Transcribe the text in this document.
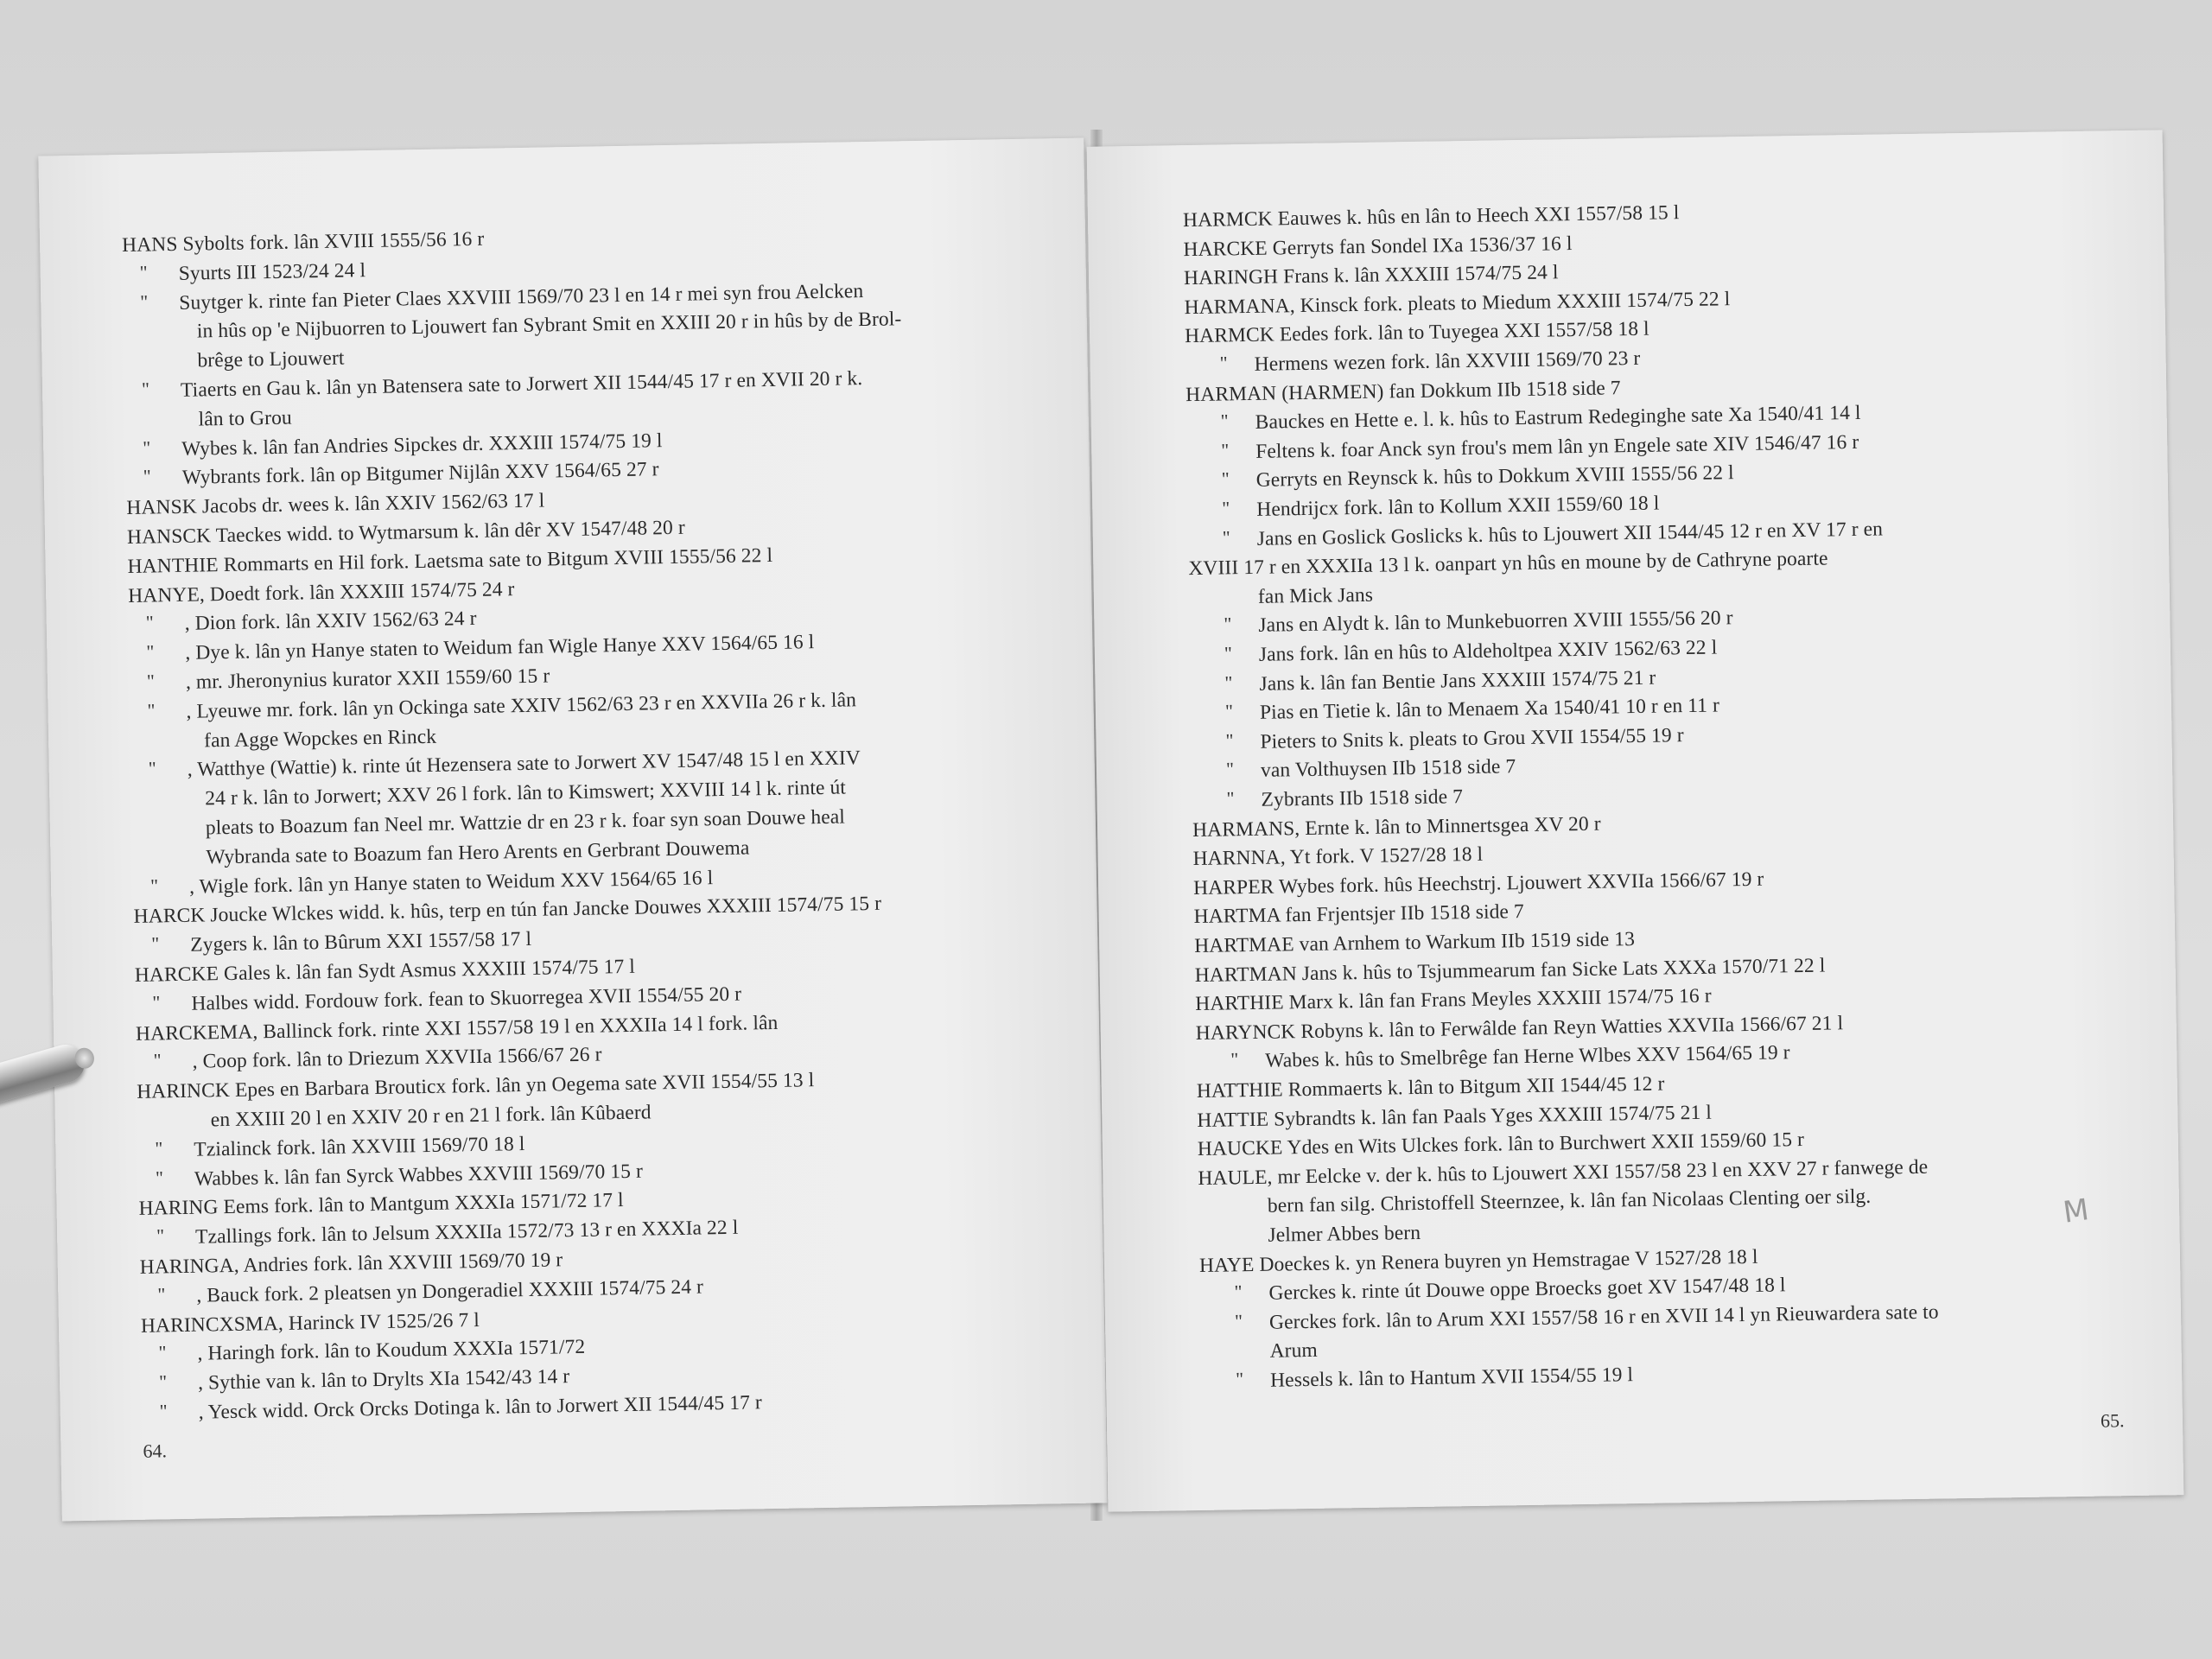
HANS Sybolts fork. lân XVIII 1555/56 16 r
" Syurts III 1523/24 24 l
" Suytger k. rinte fan Pieter Claes XXVIII 1569/70 23 l en 14 r mei syn frou Aelcken
in hûs op 'e Nijbuorren to Ljouwert fan Sybrant Smit en XXIII 20 r in hûs by de Brol-
brêge to Ljouwert
" Tiaerts en Gau k. lân yn Batensera sate to Jorwert XII 1544/45 17 r en XVII 20 r k.
lân to Grou
" Wybes k. lân fan Andries Sipckes dr. XXXIII 1574/75 19 l
" Wybrants fork. lân op Bitgumer Nijlân XXV 1564/65 27 r
HANSK Jacobs dr. wees k. lân XXIV 1562/63 17 l
HANSCK Taeckes widd. to Wytmarsum k. lân dêr XV 1547/48 20 r
HANTHIE Rommarts en Hil fork. Laetsma sate to Bitgum XVIII 1555/56 22 l
HANYE, Doedt fork. lân XXXIII 1574/75 24 r
" , Dion fork. lân XXIV 1562/63 24 r
" , Dye k. lân yn Hanye staten to Weidum fan Wigle Hanye XXV 1564/65 16 l
" , mr. Jheronynius kurator XXII 1559/60 15 r
" , Lyeuwe mr. fork. lân yn Ockinga sate XXIV 1562/63 23 r en XXVIIa 26 r k. lân
fan Agge Wopckes en Rinck
" , Watthye (Wattie) k. rinte út Hezensera sate to Jorwert XV 1547/48 15 l en XXIV
24 r k. lân to Jorwert; XXV 26 l fork. lân to Kimswert; XXVIII 14 l k. rinte út
pleats to Boazum fan Neel mr. Wattzie dr en 23 r k. foar syn soan Douwe heal
Wybranda sate to Boazum fan Hero Arents en Gerbrant Douwema
" , Wigle fork. lân yn Hanye staten to Weidum XXV 1564/65 16 l
HARCK Joucke Wlckes widd. k. hûs, terp en tún fan Jancke Douwes XXXIII 1574/75 15 r
" Zygers k. lân to Bûrum XXI 1557/58 17 l
HARCKE Gales k. lân fan Sydt Asmus XXXIII 1574/75 17 l
" Halbes widd. Fordouw fork. fean to Skuorregea XVII 1554/55 20 r
HARCKEMA, Ballinck fork. rinte XXI 1557/58 19 l en XXXIIa 14 l fork. lân
" , Coop fork. lân to Driezum XXVIIa 1566/67 26 r
HARINCK Epes en Barbara Brouticx fork. lân yn Oegema sate XVII 1554/55 13 l
en XXIII 20 l en XXIV 20 r en 21 l fork. lân Kûbaerd
" Tzialinck fork. lân XXVIII 1569/70 18 l
" Wabbes k. lân fan Syrck Wabbes XXVIII 1569/70 15 r
HARING Eems fork. lân to Mantgum XXXIa 1571/72 17 l
" Tzallings fork. lân to Jelsum XXXIIa 1572/73 13 r en XXXIa 22 l
HARINGA, Andries fork. lân XXVIII 1569/70 19 r
" , Bauck fork. 2 pleatsen yn Dongeradiel XXXIII 1574/75 24 r
HARINCXSMA, Harinck IV 1525/26 7 l
" , Haringh fork. lân to Koudum XXXIa 1571/72
" , Sythie van k. lân to Drylts XIa 1542/43 14 r
" , Yesck widd. Orck Orcks Dotinga k. lân to Jorwert XII 1544/45 17 r
64.
HARMCK Eauwes k. hûs en lân to Heech XXI 1557/58 15 l
HARCKE Gerryts fan Sondel IXa 1536/37 16 l
HARINGH Frans k. lân XXXIII 1574/75 24 l
HARMANA, Kinsck fork. pleats to Miedum XXXIII 1574/75 22 l
HARMCK Eedes fork. lân to Tuyegea XXI 1557/58 18 l
" Hermens wezen fork. lân XXVIII 1569/70 23 r
HARMAN (HARMEN) fan Dokkum IIb 1518 side 7
" Bauckes en Hette e. l. k. hûs to Eastrum Redeginghe sate Xa 1540/41 14 l
" Feltens k. foar Anck syn frou's mem lân yn Engele sate XIV 1546/47 16 r
" Gerryts en Reynsck k. hûs to Dokkum XVIII 1555/56 22 l
" Hendrijcx fork. lân to Kollum XXII 1559/60 18 l
" Jans en Goslick Goslicks k. hûs to Ljouwert XII 1544/45 12 r en XV 17 r en
XVIII 17 r en XXXIIa 13 l k. oanpart yn hûs en moune by de Cathryne poarte
fan Mick Jans
" Jans en Alydt k. lân to Munkebuorren XVIII 1555/56 20 r
" Jans fork. lân en hûs to Aldeholtpea XXIV 1562/63 22 l
" Jans k. lân fan Bentie Jans XXXIII 1574/75 21 r
" Pias en Tietie k. lân to Menaem Xa 1540/41 10 r en 11 r
" Pieters to Snits k. pleats to Grou XVII 1554/55 19 r
" van Volthuysen IIb 1518 side 7
" Zybrants IIb 1518 side 7
HARMANS, Ernte k. lân to Minnertsgea XV 20 r
HARNNA, Yt fork. V 1527/28 18 l
HARPER Wybes fork. hûs Heechstrj. Ljouwert XXVIIa 1566/67 19 r
HARTMA fan Frjentsjer IIb 1518 side 7
HARTMAE van Arnhem to Warkum IIb 1519 side 13
HARTMAN Jans k. hûs to Tsjummearum fan Sicke Lats XXXa 1570/71 22 l
HARTHIE Marx k. lân fan Frans Meyles XXXIII 1574/75 16 r
HARYNCK Robyns k. lân to Ferwâlde fan Reyn Watties XXVIIa 1566/67 21 l
" Wabes k. hûs to Smelbrêge fan Herne Wlbes XXV 1564/65 19 r
HATTHIE Rommaerts k. lân to Bitgum XII 1544/45 12 r
HATTIE Sybrandts k. lân fan Paals Yges XXXIII 1574/75 21 l
HAUCKE Ydes en Wits Ulckes fork. lân to Burchwert XXII 1559/60 15 r
HAULE, mr Eelcke v. der k. hûs to Ljouwert XXI 1557/58 23 l en XXV 27 r fanwege de
bern fan silg. Christoffell Steernzee, k. lân fan Nicolaas Clenting oer silg.
Jelmer Abbes bern
HAYE Doeckes k. yn Renera buyren yn Hemstragae V 1527/28 18 l
" Gerckes k. rinte út Douwe oppe Broecks goet XV 1547/48 18 l
" Gerckes fork. lân to Arum XXI 1557/58 16 r en XVII 14 l yn Rieuwardera sate to
Arum
" Hessels k. lân to Hantum XVII 1554/55 19 l
65.
M
